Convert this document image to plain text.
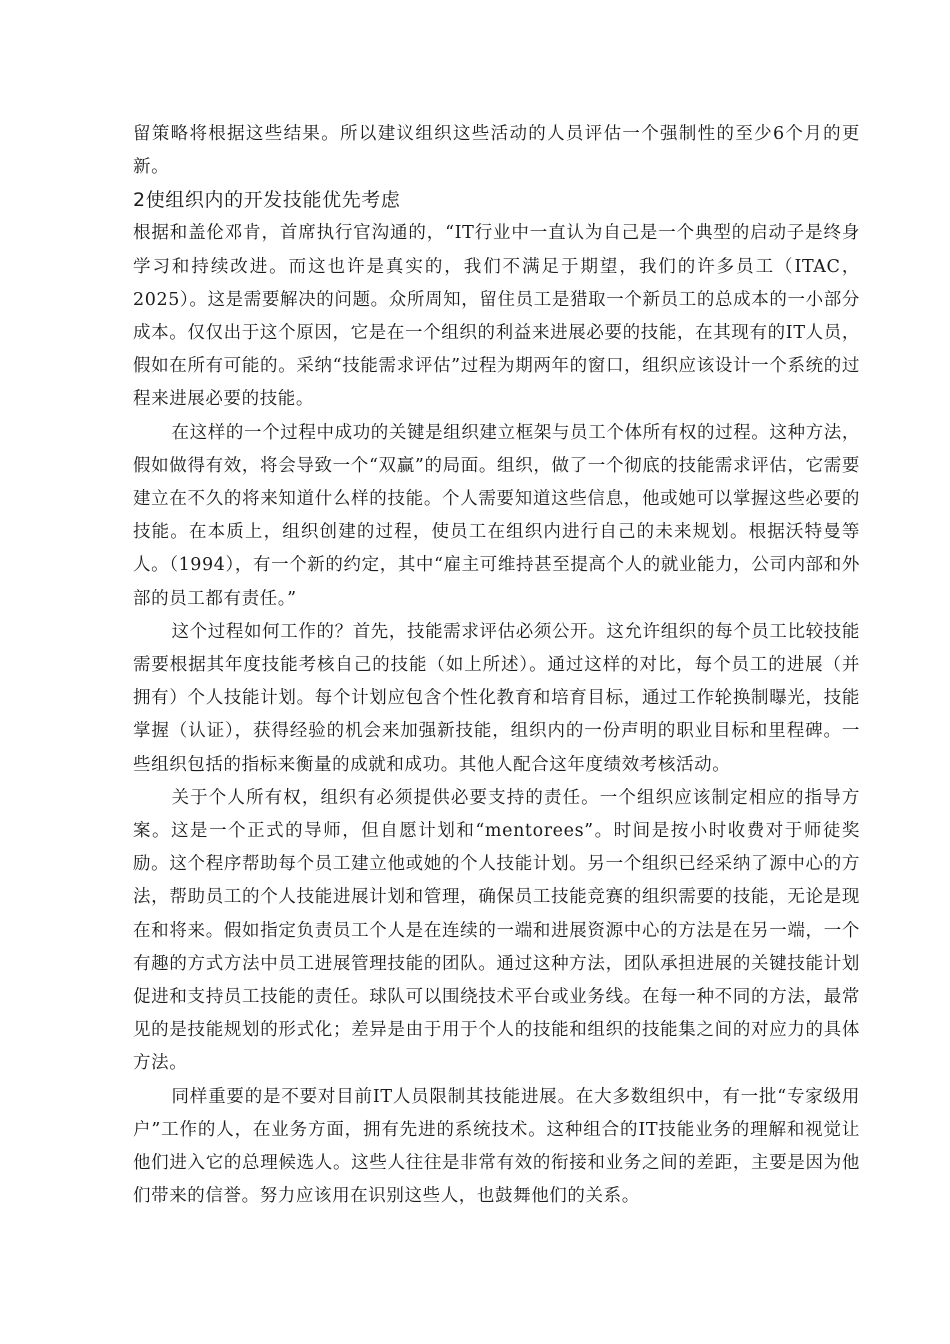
留策略将根据这些结果。所以建议组织这些活动的人员评估一个强制性的至少6个月的更新。

2使组织内的开发技能优先考虑

根据和盖伦邓肯，首席执行官沟通的，“IT行业中一直认为自己是一个典型的启动子是终身学习和持续改进。而这也许是真实的，我们不满足于期望，我们的许多员工（ITAC，2025）。这是需要解决的问题。众所周知，留住员工是猎取一个新员工的总成本的一小部分成本。仅仅出于这个原因，它是在一个组织的利益来进展必要的技能，在其现有的IT人员，假如在所有可能的。采纳“技能需求评估”过程为期两年的窗口，组织应该设计一个系统的过程来进展必要的技能。

在这样的一个过程中成功的关键是组织建立框架与员工个体所有权的过程。这种方法，假如做得有效，将会导致一个“双赢”的局面。组织，做了一个彻底的技能需求评估，它需要建立在不久的将来知道什么样的技能。个人需要知道这些信息，他或她可以掌握这些必要的技能。在本质上，组织创建的过程，使员工在组织内进行自己的未来规划。根据沃特曼等人。（1994），有一个新的约定，其中“雇主可维持甚至提高个人的就业能力，公司内部和外部的员工都有责任。”

这个过程如何工作的？首先，技能需求评估必须公开。这允许组织的每个员工比较技能需要根据其年度技能考核自己的技能（如上所述）。通过这样的对比，每个员工的进展（并拥有）个人技能计划。每个计划应包含个性化教育和培育目标，通过工作轮换制曝光，技能掌握（认证），获得经验的机会来加强新技能，组织内的一份声明的职业目标和里程碑。一些组织包括的指标来衡量的成就和成功。其他人配合这年度绩效考核活动。

关于个人所有权，组织有必须提供必要支持的责任。一个组织应该制定相应的指导方案。这是一个正式的导师，但自愿计划和“mentorees”。时间是按小时收费对于师徒奖励。这个程序帮助每个员工建立他或她的个人技能计划。另一个组织已经采纳了源中心的方法，帮助员工的个人技能进展计划和管理，确保员工技能竞赛的组织需要的技能，无论是现在和将来。假如指定负责员工个人是在连续的一端和进展资源中心的方法是在另一端，一个有趣的方式方法中员工进展管理技能的团队。通过这种方法，团队承担进展的关键技能计划促进和支持员工技能的责任。球队可以围绕技术平台或业务线。在每一种不同的方法，最常见的是技能规划的形式化；差异是由于用于个人的技能和组织的技能集之间的对应力的具体方法。

同样重要的是不要对目前IT人员限制其技能进展。在大多数组织中，有一批“专家级用户”工作的人，在业务方面，拥有先进的系统技术。这种组合的IT技能业务的理解和视觉让他们进入它的总理候选人。这些人往往是非常有效的衔接和业务之间的差距，主要是因为他们带来的信誉。努力应该用在识别这些人，也鼓舞他们的关系。
